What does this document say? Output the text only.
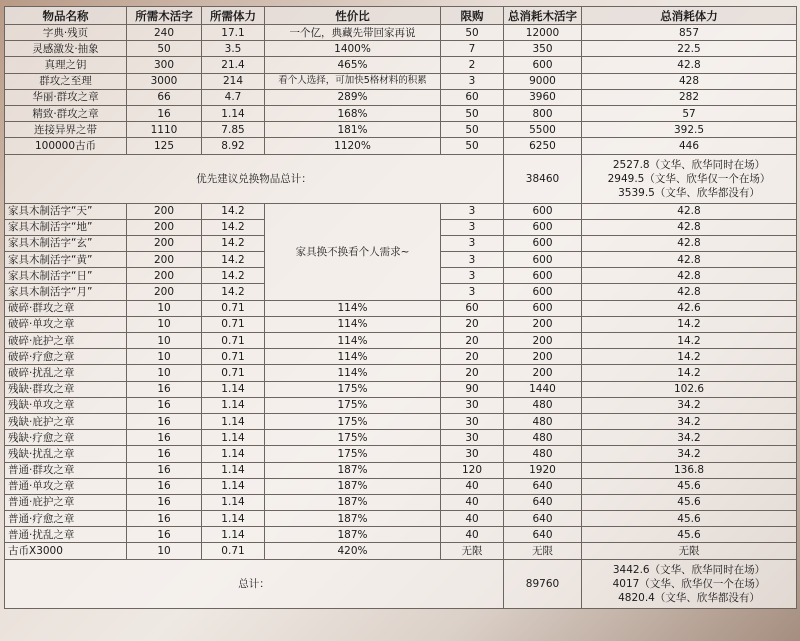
物品名称	所需木活字	所需体力	性价比	限购	总消耗木活字	总消耗体力
字典·残页	240	17.1	一个亿，典藏先带回家再说	50	12000	857
灵感激发·抽象	50	3.5	1400%	7	350	22.5
真理之钥	300	21.4	465%	2	600	42.8
群攻之至理	3000	214	看个人选择，可加快5格材料的积累	3	9000	428
华丽·群攻之章	66	4.7	289%	60	3960	282
精致·群攻之章	16	1.14	168%	50	800	57
连接异界之带	1110	7.85	181%	50	5500	392.5
100000古币	125	8.92	1120%	50	6250	446
优先建议兑换物品总计：					38460	2527.8（文华、欣华同时在场）
2949.5（文华、欣华仅一个在场）
3539.5（文华、欣华都没有）

家具木制活字“天”	200	14.2	家具换不换看个人需求~	3	600	42.8
家具木制活字“地”	200	14.2		3	600	42.8
家具木制活字“玄”	200	14.2		3	600	42.8
家具木制活字“黄”	200	14.2		3	600	42.8
家具木制活字“日”	200	14.2		3	600	42.8
家具木制活字“月”	200	14.2		3	600	42.8
破碎·群攻之章	10	0.71	114%	60	600	42.6
破碎·单攻之章	10	0.71	114%	20	200	14.2
破碎·庇护之章	10	0.71	114%	20	200	14.2
破碎·疗愈之章	10	0.71	114%	20	200	14.2
破碎·扰乱之章	10	0.71	114%	20	200	14.2
残缺·群攻之章	16	1.14	175%	90	1440	102.6
残缺·单攻之章	16	1.14	175%	30	480	34.2
残缺·庇护之章	16	1.14	175%	30	480	34.2
残缺·疗愈之章	16	1.14	175%	30	480	34.2
残缺·扰乱之章	16	1.14	175%	30	480	34.2
普通·群攻之章	16	1.14	187%	120	1920	136.8
普通·单攻之章	16	1.14	187%	40	640	45.6
普通·庇护之章	16	1.14	187%	40	640	45.6
普通·疗愈之章	16	1.14	187%	40	640	45.6
普通·扰乱之章	16	1.14	187%	40	640	45.6
古币X3000	10	0.71	420%	无限	无限	无限
总计：					89760	3442.6（文华、欣华同时在场）
4017（文华、欣华仅一个在场）
4820.4（文华、欣华都没有）
